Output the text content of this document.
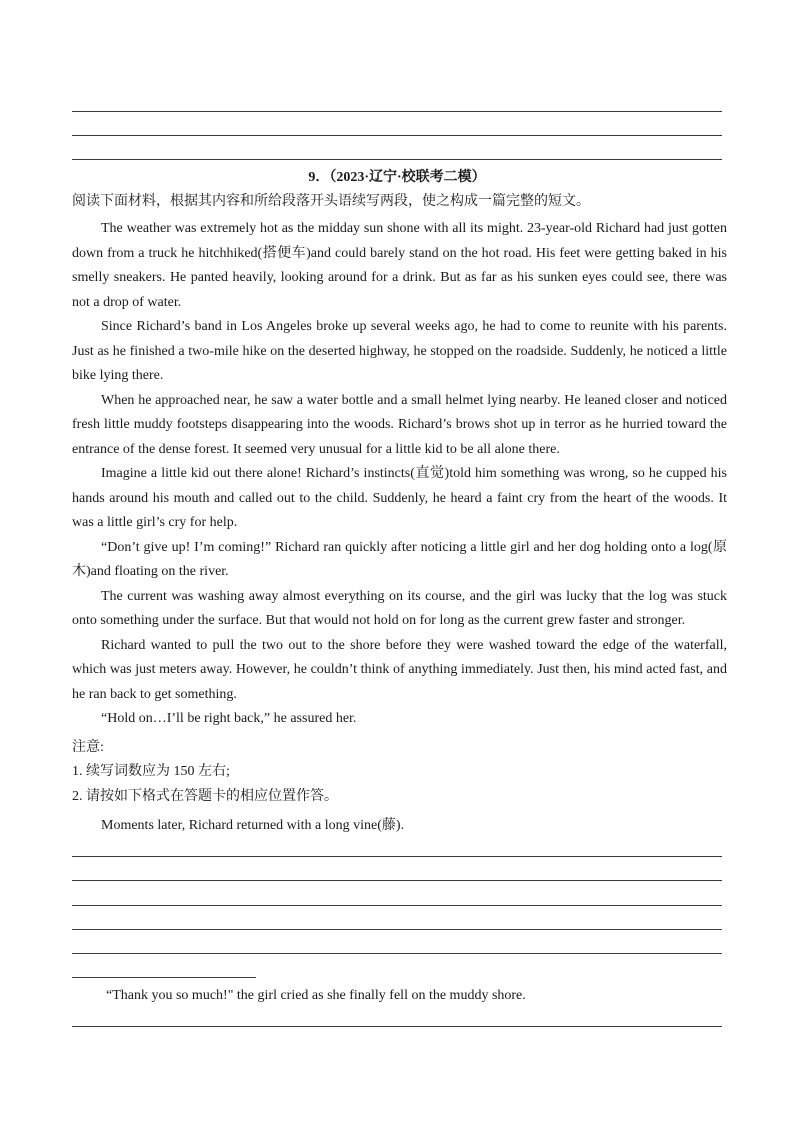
9．（2023·辽宁·校联考二模）
阅读下面材料，根据其内容和所给段落开头语续写两段，使之构成一篇完整的短文。

The weather was extremely hot as the midday sun shone with all its might. 23-year-old Richard had just gotten down from a truck he hitchhiked(搭便车)and could barely stand on the hot road. His feet were getting baked in his smelly sneakers. He panted heavily, looking around for a drink. But as far as his sunken eyes could see, there was not a drop of water.

Since Richard’s band in Los Angeles broke up several weeks ago, he had to come to reunite with his parents. Just as he finished a two-mile hike on the deserted highway, he stopped on the roadside. Suddenly, he noticed a little bike lying there.

When he approached near, he saw a water bottle and a small helmet lying nearby. He leaned closer and noticed fresh little muddy footsteps disappearing into the woods. Richard’s brows shot up in terror as he hurried toward the entrance of the dense forest. It seemed very unusual for a little kid to be all alone there.

Imagine a little kid out there alone! Richard’s instincts(直觉)told him something was wrong, so he cupped his hands around his mouth and called out to the child. Suddenly, he heard a faint cry from the heart of the woods. It was a little girl’s cry for help.

“Don’t give up! I’m coming!” Richard ran quickly after noticing a little girl and her dog holding onto a log(原木)and floating on the river.

The current was washing away almost everything on its course, and the girl was lucky that the log was stuck onto something under the surface. But that would not hold on for long as the current grew faster and stronger.

Richard wanted to pull the two out to the shore before they were washed toward the edge of the waterfall, which was just meters away. However, he couldn’t think of anything immediately. Just then, his mind acted fast, and he ran back to get something.

“Hold on…I’ll be right back,” he assured her.

注意:
1. 续写词数应为 150 左右;
2. 请按如下格式在答题卡的相应位置作答。
Moments later, Richard returned with a long vine(藤).
“Thank you so much!" the girl cried as she finally fell on the muddy shore.
